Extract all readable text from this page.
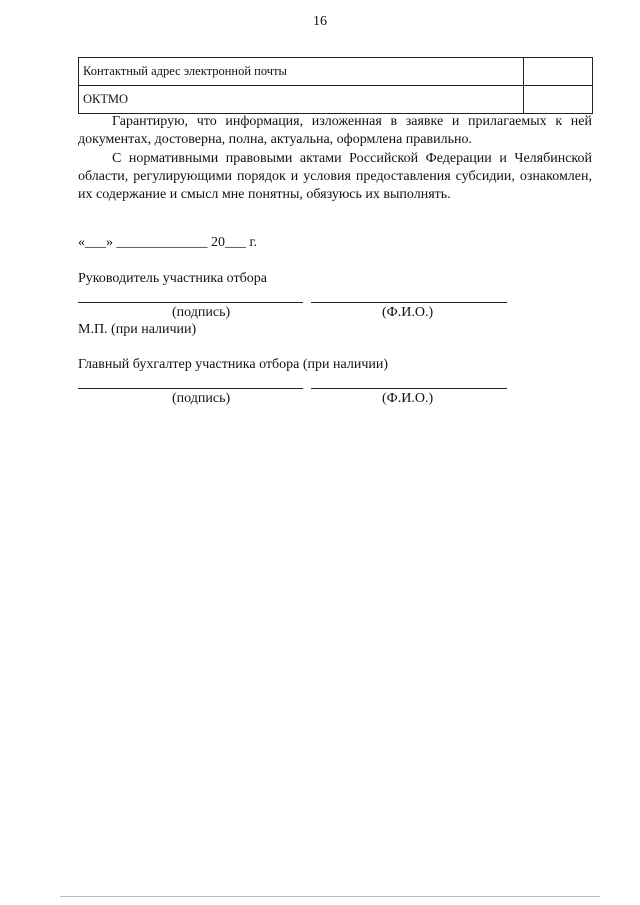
16
Контактный адрес электронной почты	
ОКТМО	

Гарантирую, что информация, изложенная в заявке и прилагаемых к ней документах, достоверна, полна, актуальна, оформлена правильно.

С нормативными правовыми актами Российской Федерации и Челябинской области, регулирующими порядок и условия предоставления субсидии, ознакомлен, их содержание и смысл мне понятны, обязуюсь их выполнять.

«___» _____________ 20___ г.
Руководитель участника отбора
(подпись)	(Ф.И.О.)
М.П. (при наличии)
Главный бухгалтер участника отбора (при наличии)
(подпись)	(Ф.И.О.)
